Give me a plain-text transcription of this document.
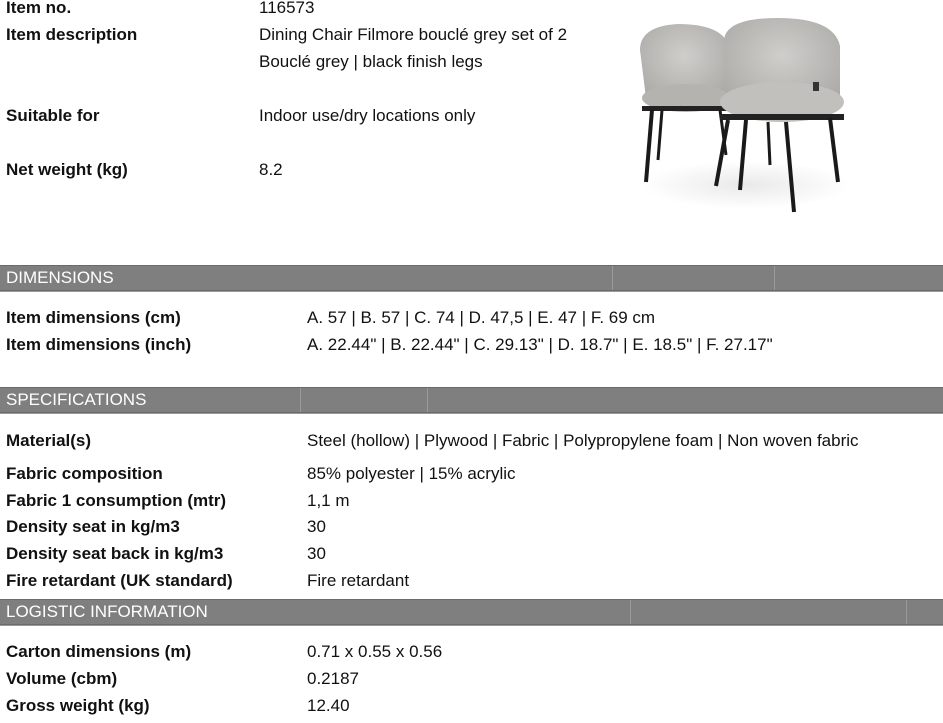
Item no.	116573
Item description	Dining Chair Filmore bouclé grey set of 2
Bouclé grey | black finish legs
Suitable for	Indoor use/dry locations only
Net weight (kg)	8.2
DIMENSIONS
Item dimensions (cm)	A. 57 | B. 57 | C. 74 | D. 47,5 | E. 47 | F. 69 cm
Item dimensions (inch)	A. 22.44" | B. 22.44" | C. 29.13" | D. 18.7" | E. 18.5" | F. 27.17"
SPECIFICATIONS
Material(s)	Steel (hollow) | Plywood | Fabric | Polypropylene foam | Non woven fabric
Fabric composition	85% polyester | 15% acrylic
Fabric 1 consumption (mtr)	1,1 m
Density seat in kg/m3	30
Density seat back in kg/m3	30
Fire retardant (UK standard)	Fire retardant
LOGISTIC INFORMATION
Carton dimensions (m)	0.71 x 0.55 x 0.56
Volume (cbm)	0.2187
Gross weight (kg)	12.40
